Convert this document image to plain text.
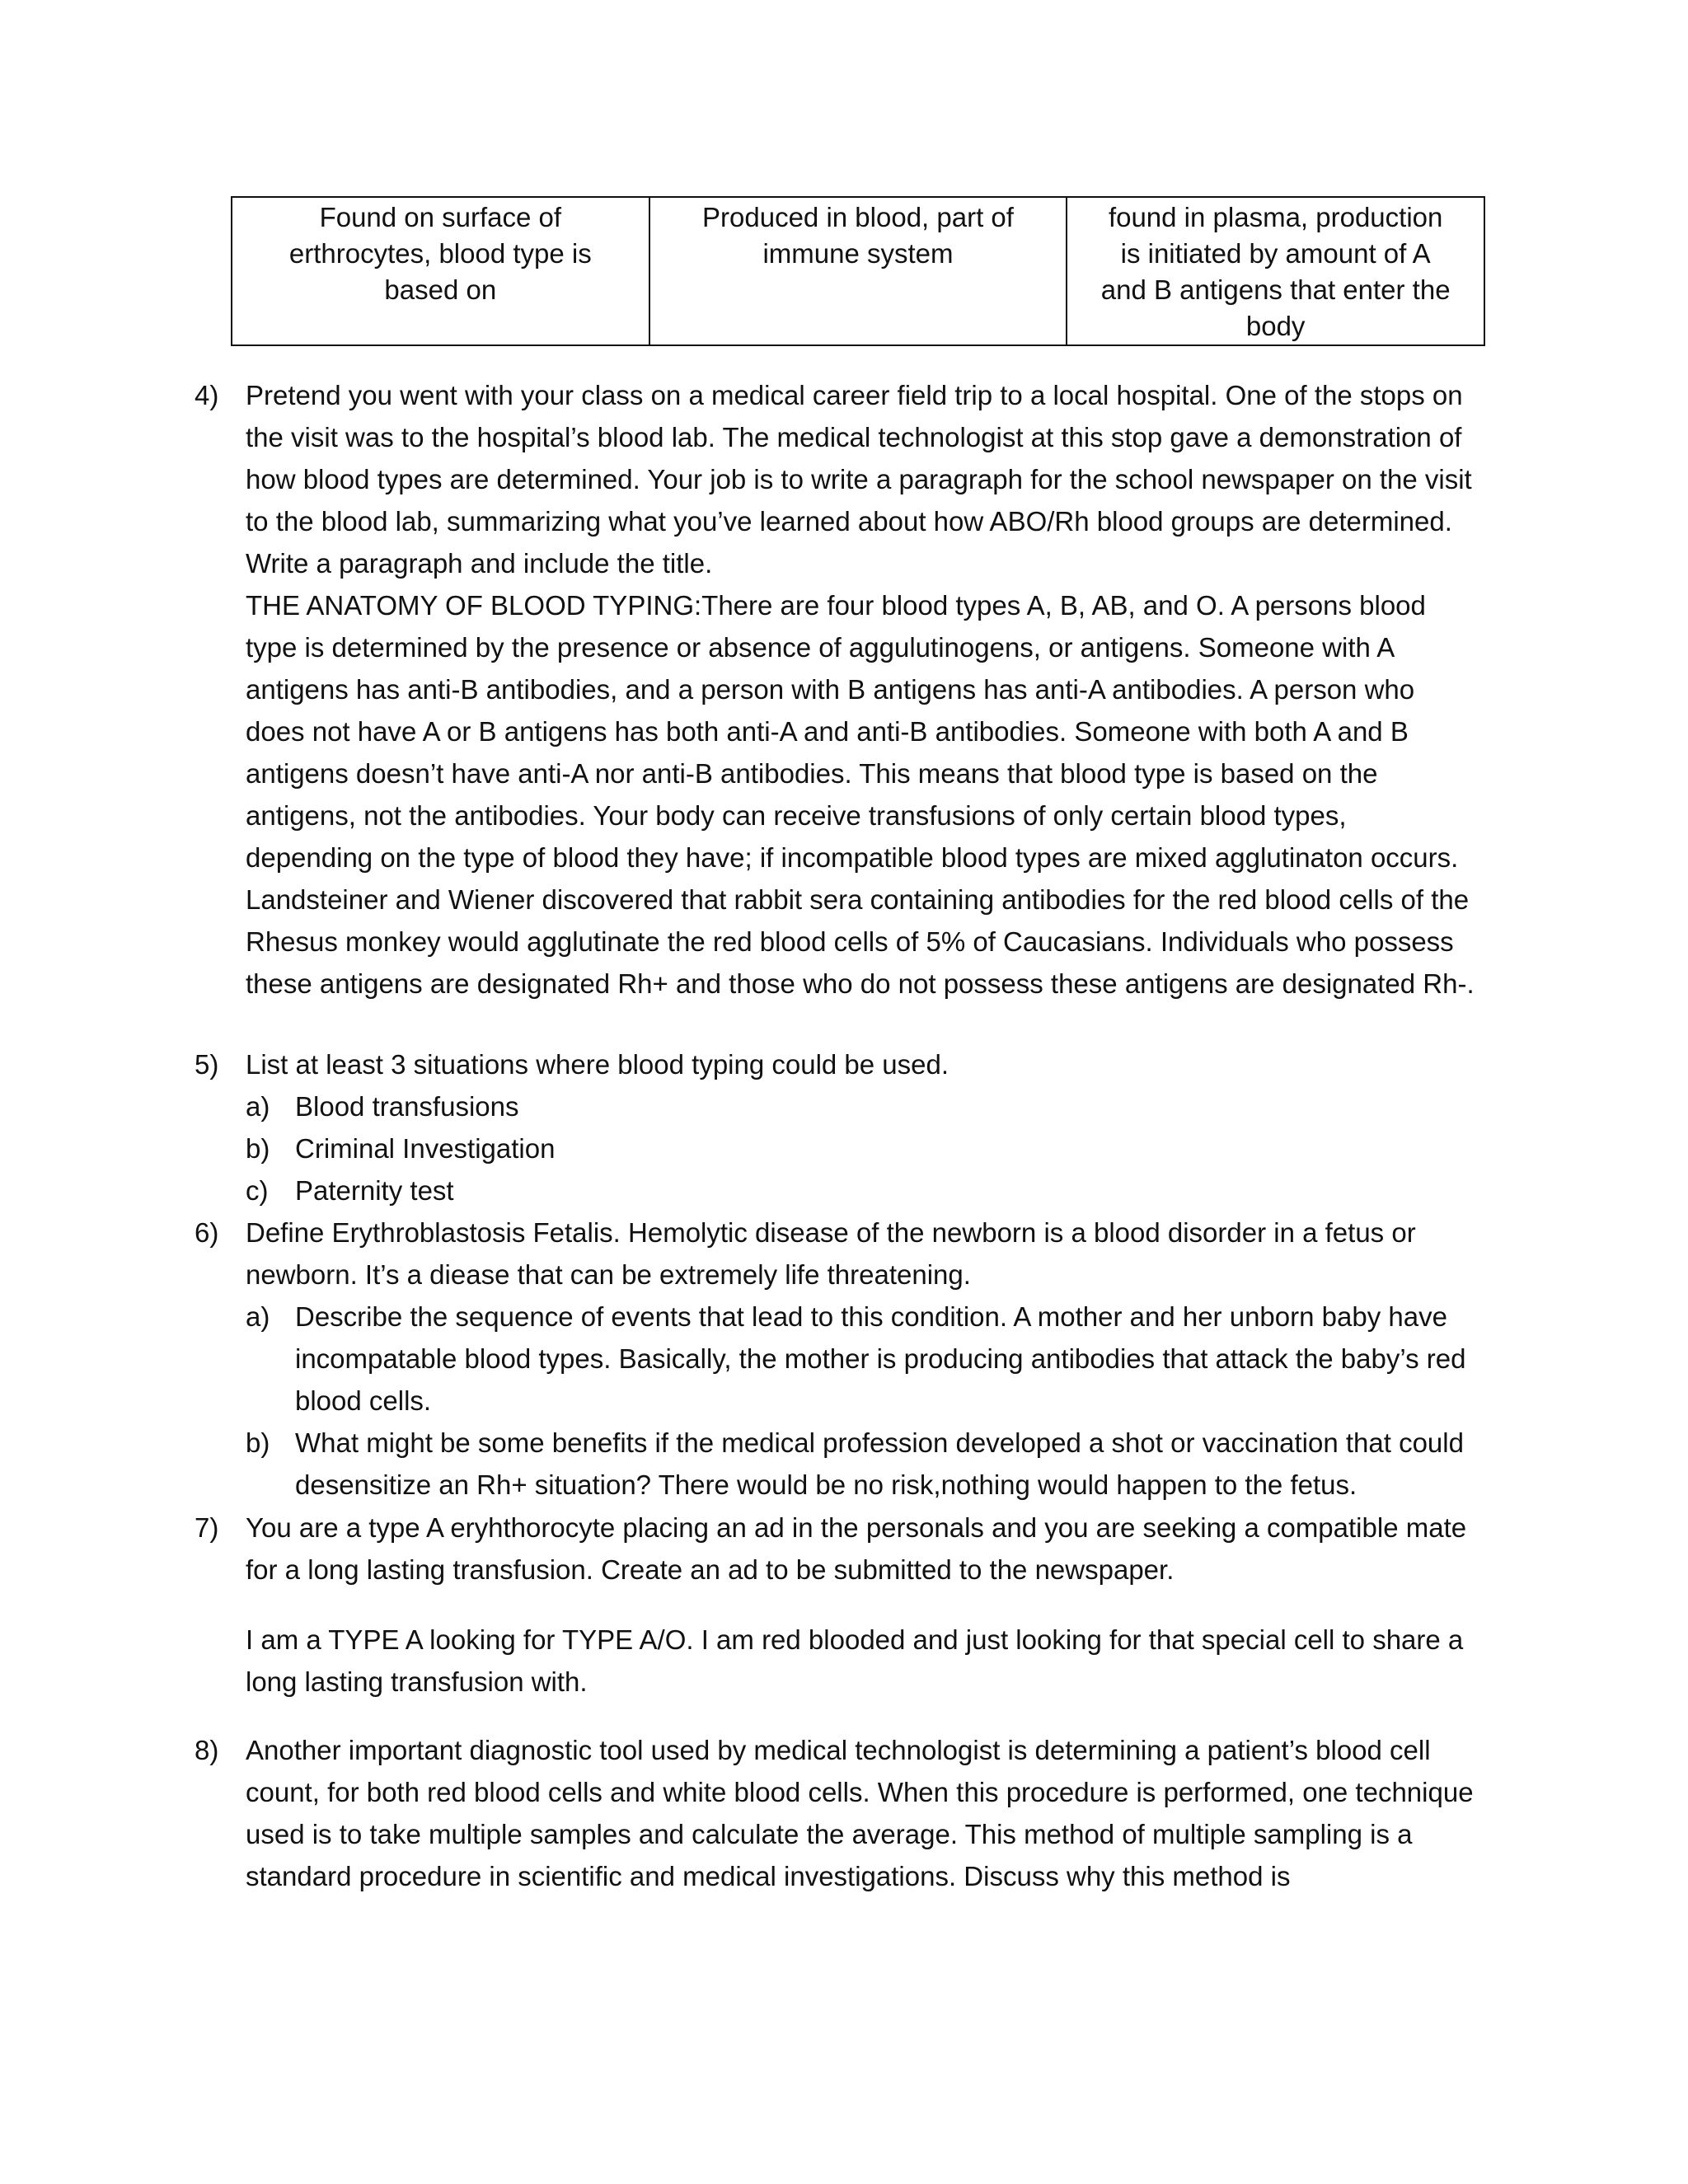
Found on surface of erthrocytes, blood type is based on	Produced in blood, part of immune system	found in plasma, production is initiated by amount of A and B antigens that enter the body
4) Pretend you went with your class on a medical career field trip to a local hospital. One of the stops on the visit was to the hospital’s blood lab. The medical technologist at this stop gave a demonstration of how blood types are determined. Your job is to write a paragraph for the school newspaper on the visit to the blood lab, summarizing what you’ve learned about how ABO/Rh blood groups are determined. Write a paragraph and include the title.

THE ANATOMY OF BLOOD TYPING:There are four blood types A, B, AB, and O. A persons blood type is determined by the presence or absence of aggulutinogens, or antigens. Someone with A antigens has anti-B antibodies, and a person with B antigens has anti-A antibodies. A person who does not have A or B antigens has both anti-A and anti-B antibodies. Someone with both A and B antigens doesn’t have anti-A nor anti-B antibodies. This means that blood type is based on the antigens, not the antibodies. Your body can receive transfusions of only certain blood types, depending on the type of blood they have; if incompatible blood types are mixed agglutinaton occurs. Landsteiner and Wiener discovered that rabbit sera containing antibodies for the red blood cells of the Rhesus monkey would agglutinate the red blood cells of 5% of Caucasians. Individuals who possess these antigens are designated Rh+ and those who do not possess these antigens are designated Rh-.

5) List at least 3 situations where blood typing could be used.

a) Blood transfusions
b) Criminal Investigation
c) Paternity test
6) Define Erythroblastosis Fetalis. Hemolytic disease of the newborn is a blood disorder in a fetus or newborn. It’s a diease that can be extremely life threatening.

a) Describe the sequence of events that lead to this condition. A mother and her unborn baby have incompatable blood types. Basically, the mother is producing antibodies that attack the baby’s red blood cells.
b) What might be some benefits if the medical profession developed a shot or vaccination that could desensitize an Rh+ situation? There would be no risk,nothing would happen to the fetus.
7) You are a type A eryhthorocyte placing an ad in the personals and you are seeking a compatible mate for a long lasting transfusion. Create an ad to be submitted to the newspaper.

I am a TYPE A looking for TYPE A/O. I am red blooded and just looking for that special cell to share a long lasting transfusion with.

8) Another important diagnostic tool used by medical technologist is determining a patient’s blood cell count, for both red blood cells and white blood cells. When this procedure is performed, one technique used is to take multiple samples and calculate the average. This method of multiple sampling is a standard procedure in scientific and medical investigations. Discuss why this method is
